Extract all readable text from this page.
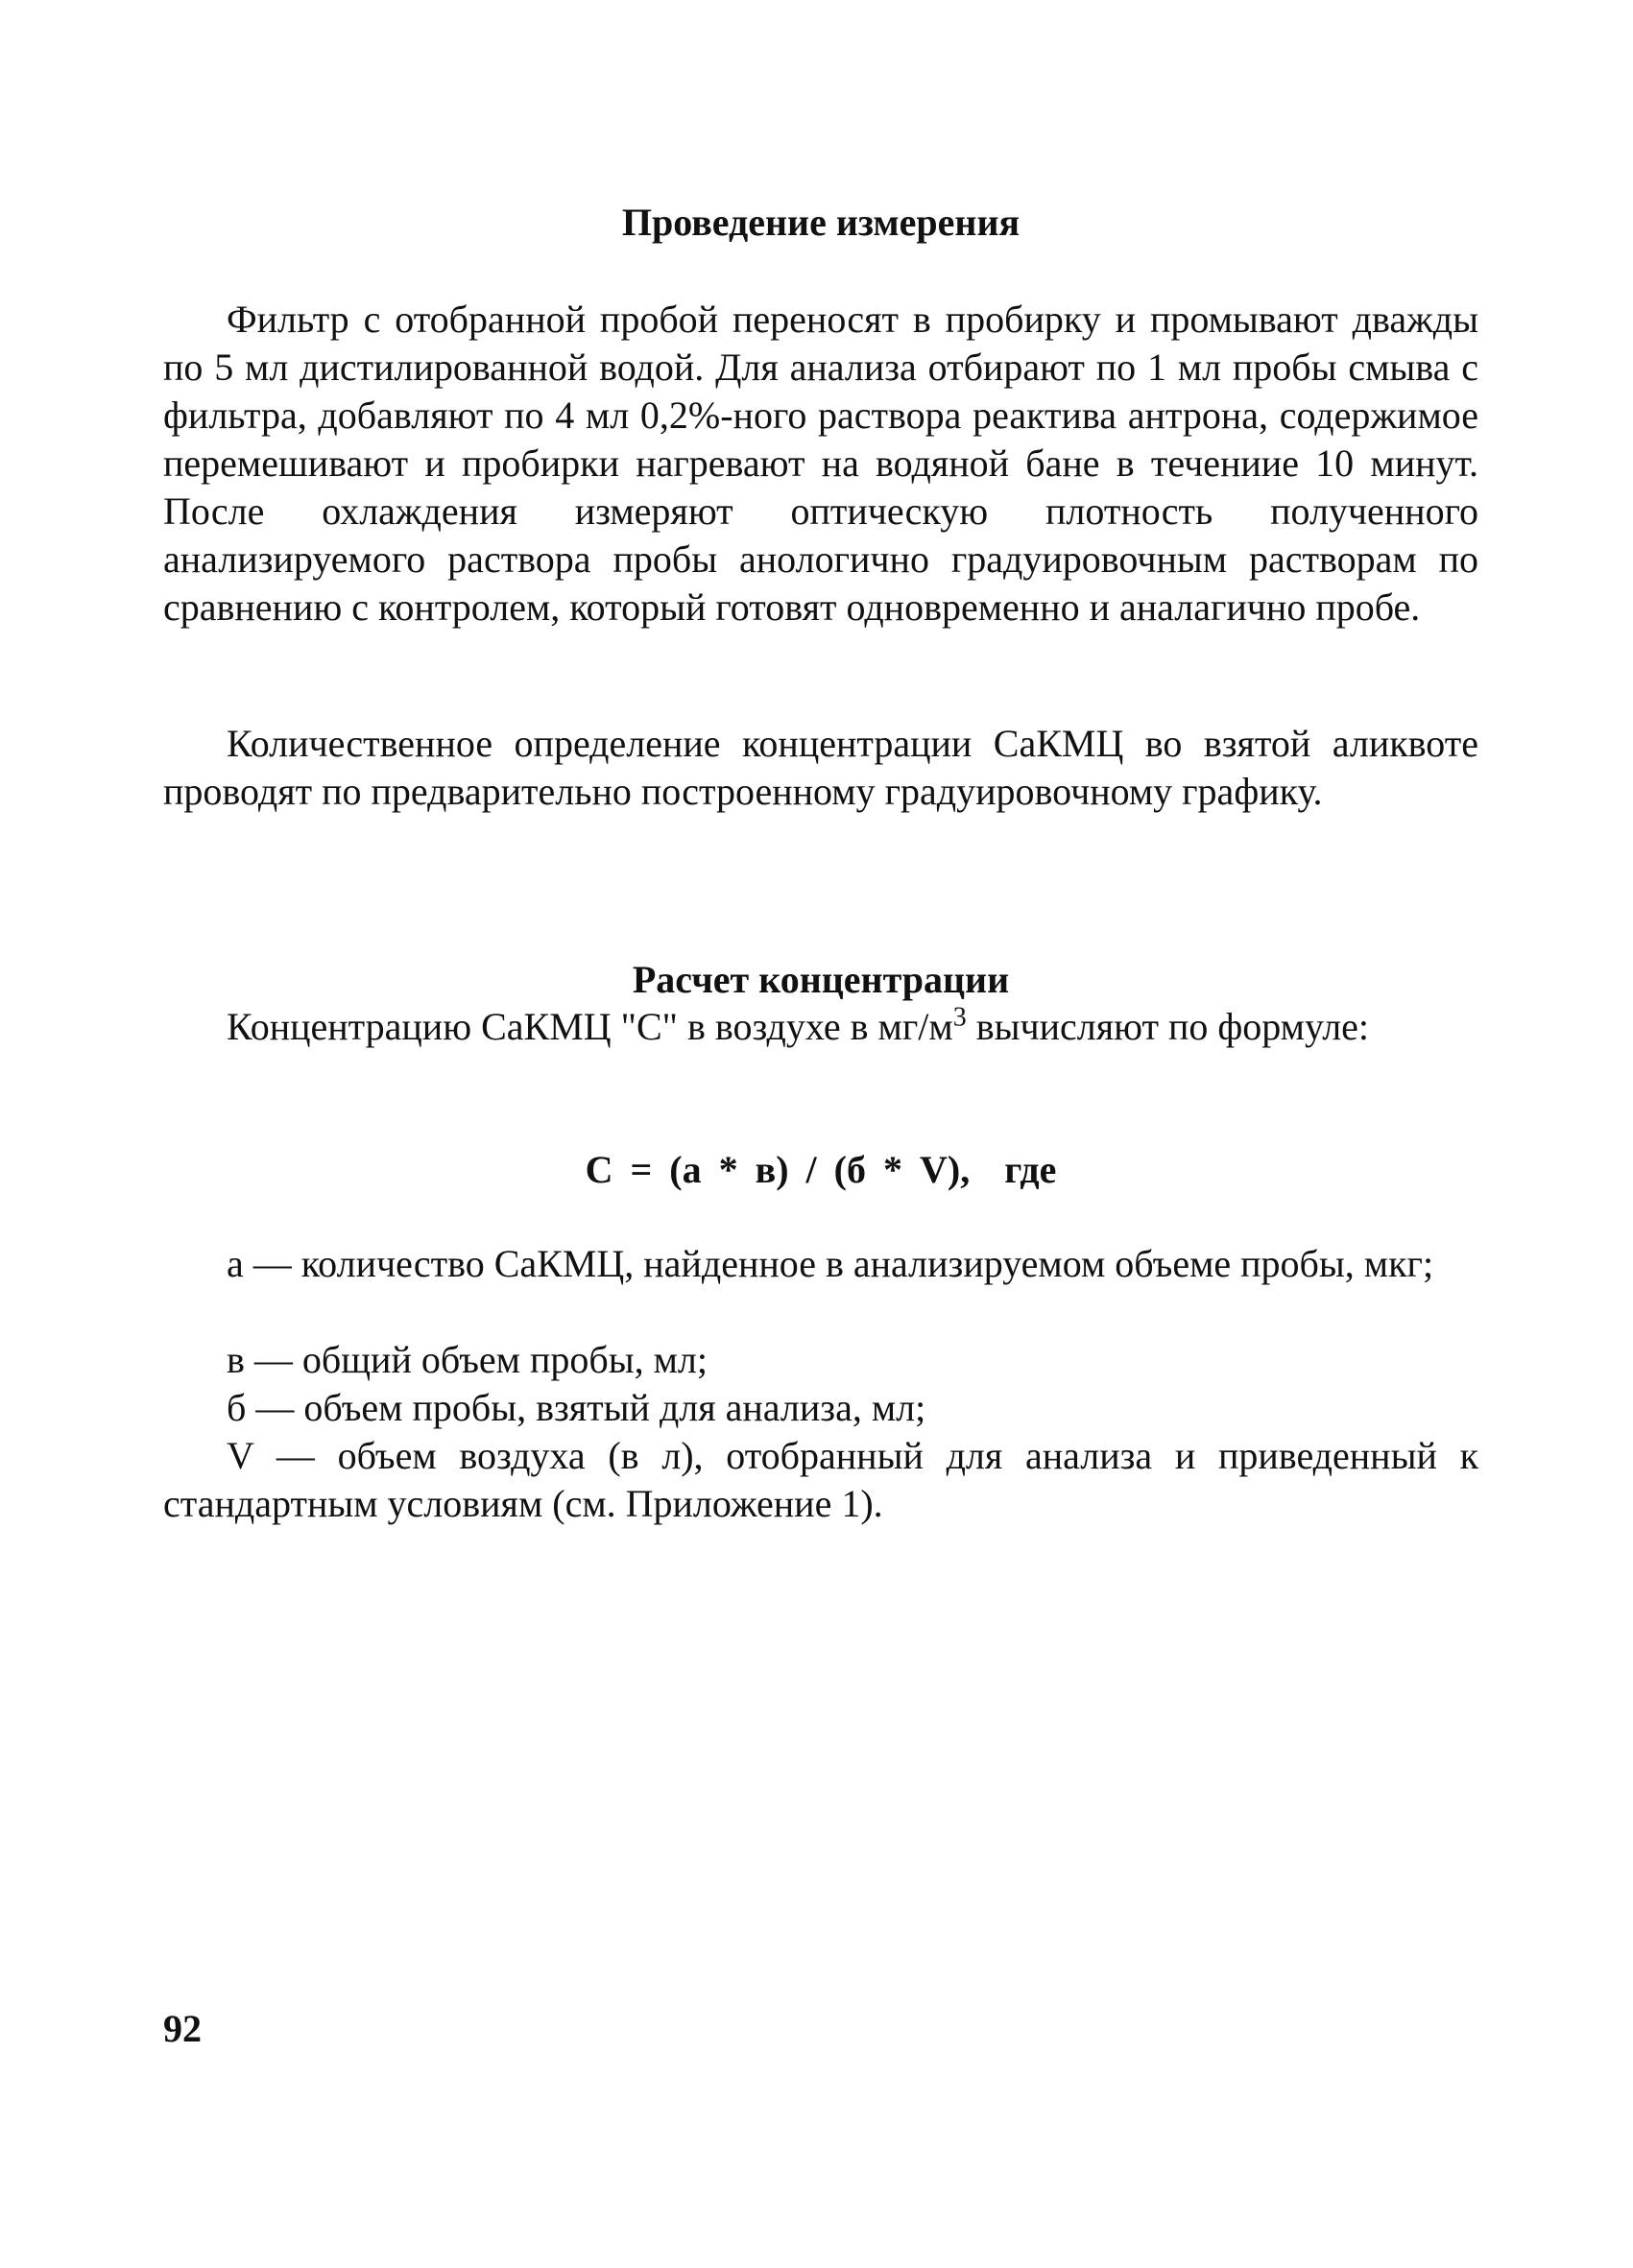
Проведение измерения

Фильтр с отобранной пробой переносят в пробирку и промывают дважды по 5 мл дистилированной водой. Для анализа отбирают по 1 мл пробы смыва с фильтра, добавляют по 4 мл 0,2%-ного раствора реактива антрона, содержимое перемешивают и пробирки нагревают на водяной бане в течениие 10 минут. После охлаждения измеряют оптическую плотность полученного анализируемого раствора пробы анологично градуировочным растворам по сравнению с контролем, который готовят одновременно и аналагично пробе.

Количественное определение концентрации СаКМЦ во взятой аликвоте проводят по предварительно построенному градуировочному графику.

Расчет концентрации

Концентрацию СаКМЦ "С" в воздухе в $мг/м^3$ вычисляют по формуле:

С = (а * в) / (б * V), где

а — количество СаКМЦ, найденное в анализируемом объеме пробы, мкг;

в — общий объем пробы, мл;

б — объем пробы, взятый для анализа, мл;

V — объем воздуха (в л), отобранный для анализа и приведенный к стандартным условиям (см. Приложение 1).

92
